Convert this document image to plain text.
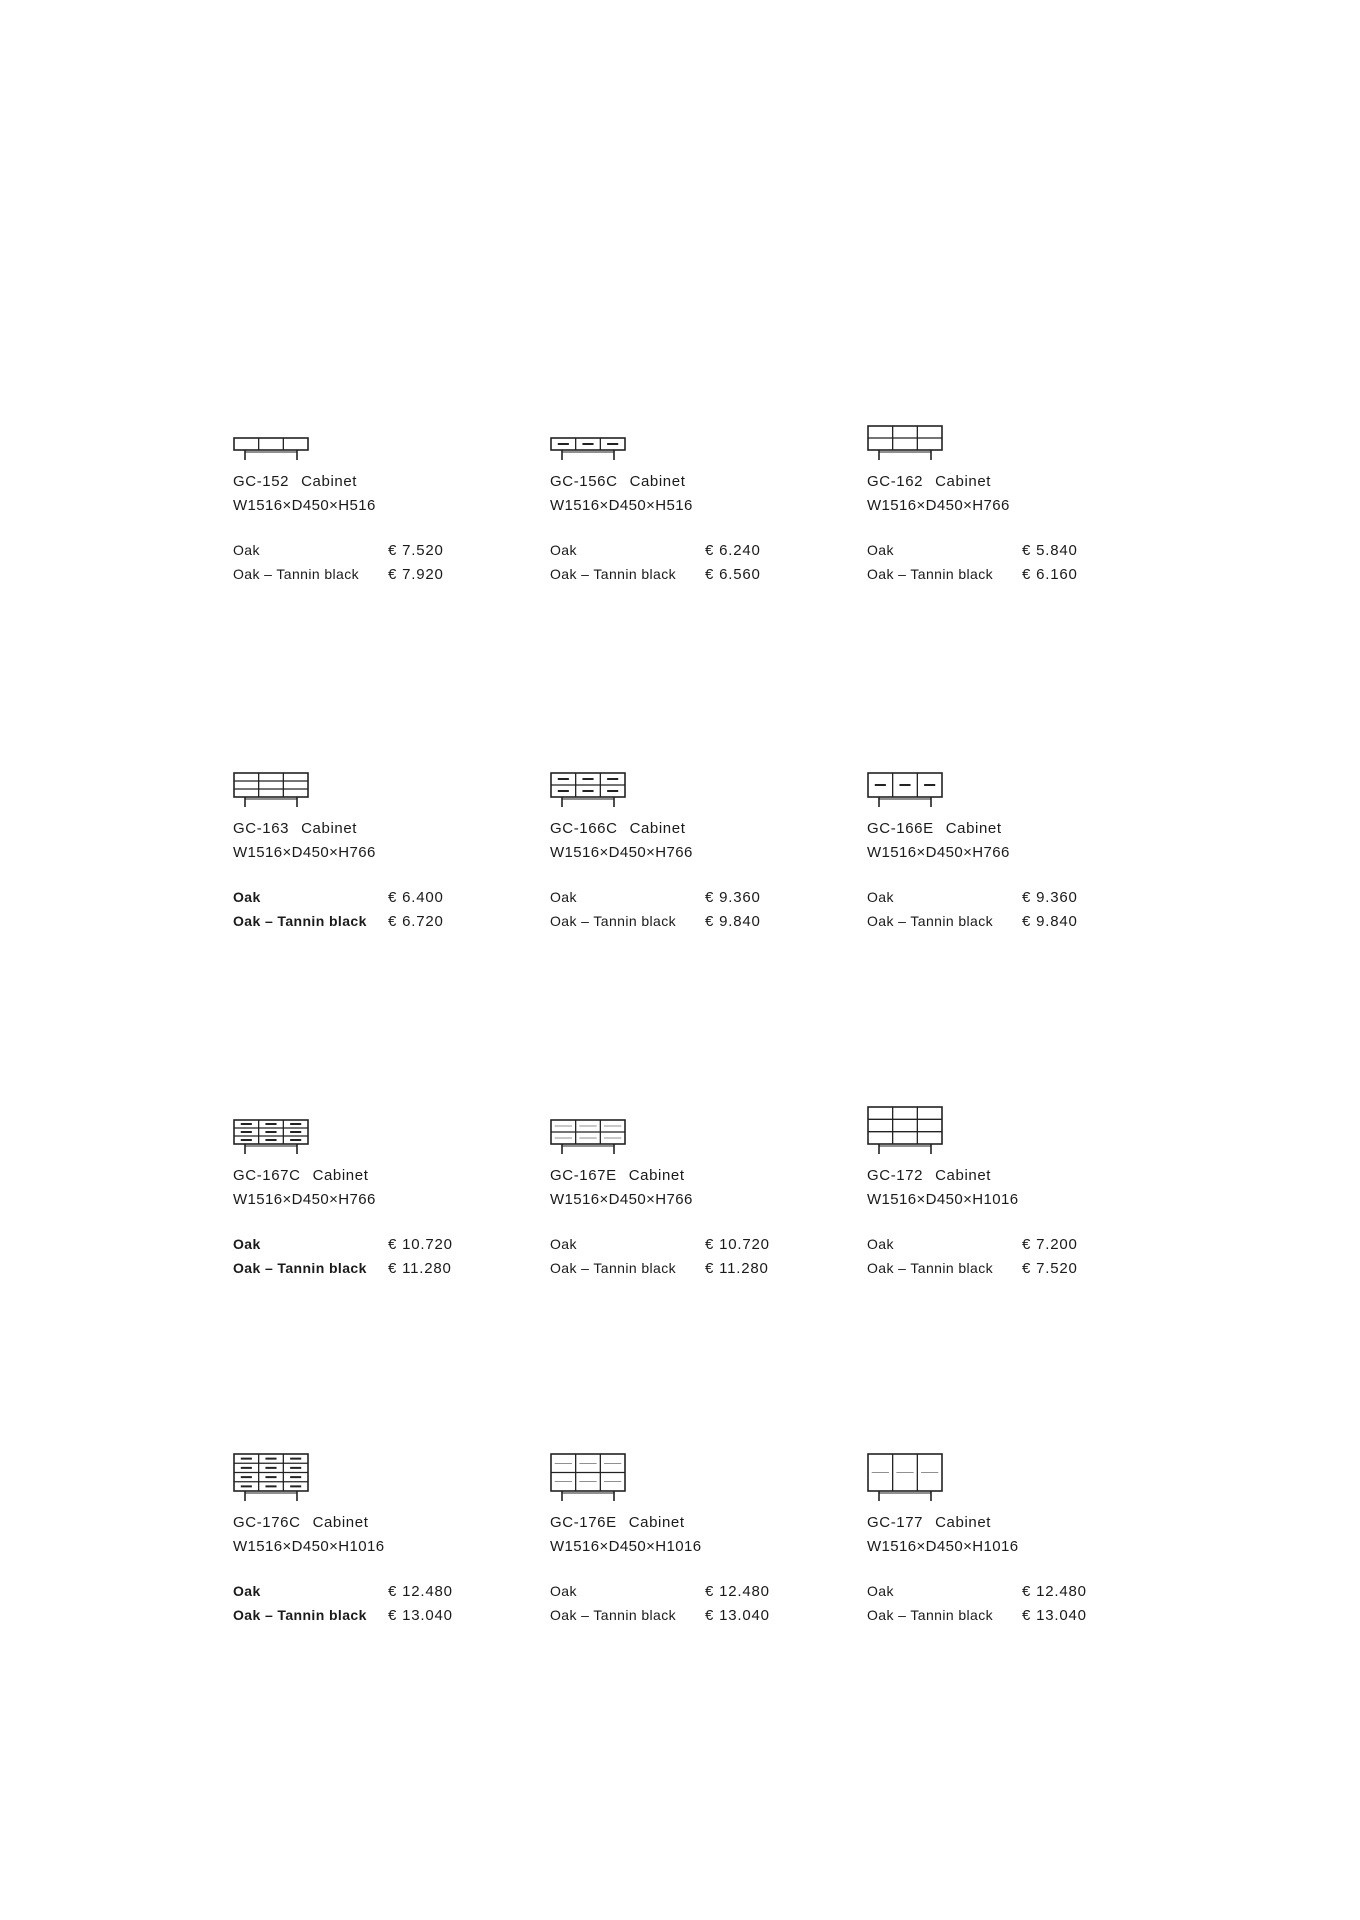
GC-152 Cabinet
W1516×D450×H516
Oak	€ 7.520
Oak – Tannin black € 7.920
GC-156C Cabinet
W1516×D450×H516
Oak	€ 6.240
Oak – Tannin black € 6.560
GC-162 Cabinet
W1516×D450×H766
Oak	€ 5.840
Oak – Tannin black € 6.160
GC-163 Cabinet
W1516×D450×H766
Oak	€ 6.400
Oak – Tannin black € 6.720
GC-166C Cabinet
W1516×D450×H766
Oak	€ 9.360
Oak – Tannin black € 9.840
GC-166E Cabinet
W1516×D450×H766
Oak	€ 9.360
Oak – Tannin black € 9.840
GC-167C Cabinet
W1516×D450×H766
Oak	€ 10.720
Oak – Tannin black € 11.280
GC-167E Cabinet
W1516×D450×H766
Oak	€ 10.720
Oak – Tannin black € 11.280
GC-172 Cabinet
W1516×D450×H1016
Oak	€ 7.200
Oak – Tannin black € 7.520
GC-176C Cabinet
W1516×D450×H1016
Oak	€ 12.480
Oak – Tannin black € 13.040
GC-176E Cabinet
W1516×D450×H1016
Oak	€ 12.480
Oak – Tannin black € 13.040
GC-177 Cabinet
W1516×D450×H1016
Oak	€ 12.480
Oak – Tannin black € 13.040
